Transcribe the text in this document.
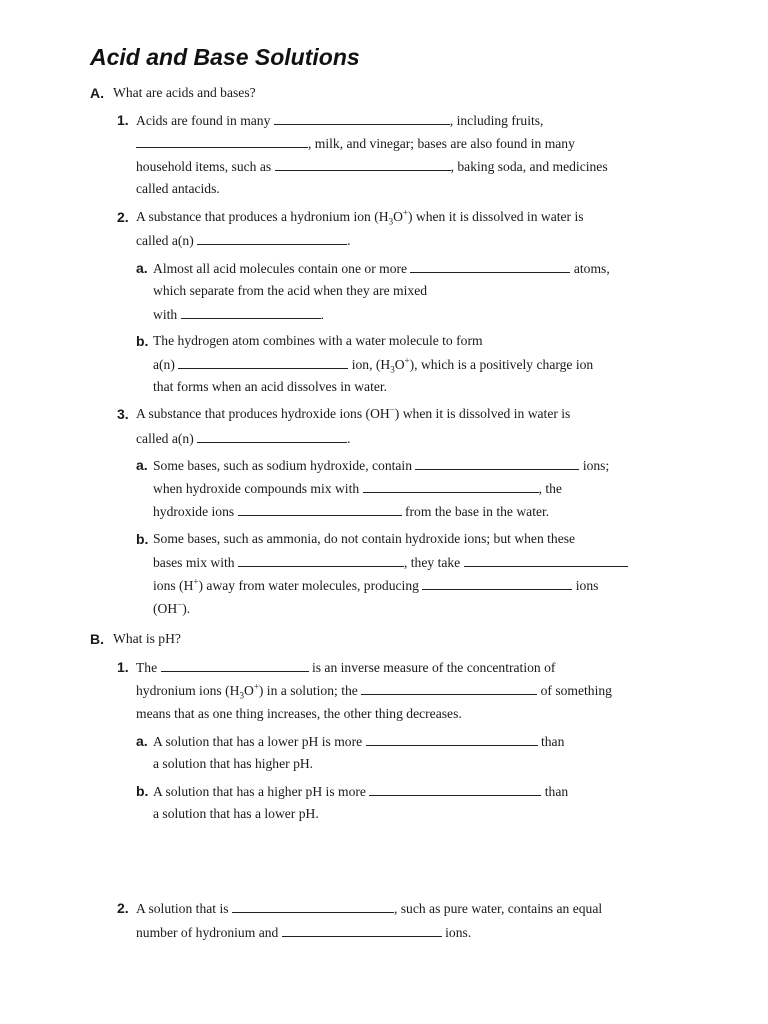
Acid and Base Solutions
A. What are acids and bases?
1. Acids are found in many	, including fruits,
, milk, and vinegar; bases are also found in many
household items, such as	, baking soda, and medicines
called antacids.
2. A substance that produces a hydronium ion $(H_3O^+)$ when it is dissolved in water is
called a(n)	.
a. Almost all acid molecules contain one or more	atoms,
which separate from the acid when they are mixed
with	.
b. The hydrogen atom combines with a water molecule to form
a(n)	ion, $(H_3O^+)$, which is a positively charge ion
that forms when an acid dissolves in water.
3. A substance that produces hydroxide ions (OH−) when it is dissolved in water is
called a(n)	.
a. Some bases, such as sodium hydroxide, contain	ions;
when hydroxide compounds mix with	, the
hydroxide ions	from the base in the water.
b. Some bases, such as ammonia, do not contain hydroxide ions; but when these
bases mix with	, they take
ions (H+) away from water molecules, producing	ions
(OH−).
B. What is pH?
1. The	is an inverse measure of the concentration of
hydronium ions $(H_3O^+)$ in a solution; the	of something
means that as one thing increases, the other thing decreases.
a. A solution that has a lower pH is more	than
a solution that has higher pH.
b. A solution that has a higher pH is more	than
a solution that has a lower pH.
2. A solution that is	, such as pure water, contains an equal
number of hydronium and	ions.
